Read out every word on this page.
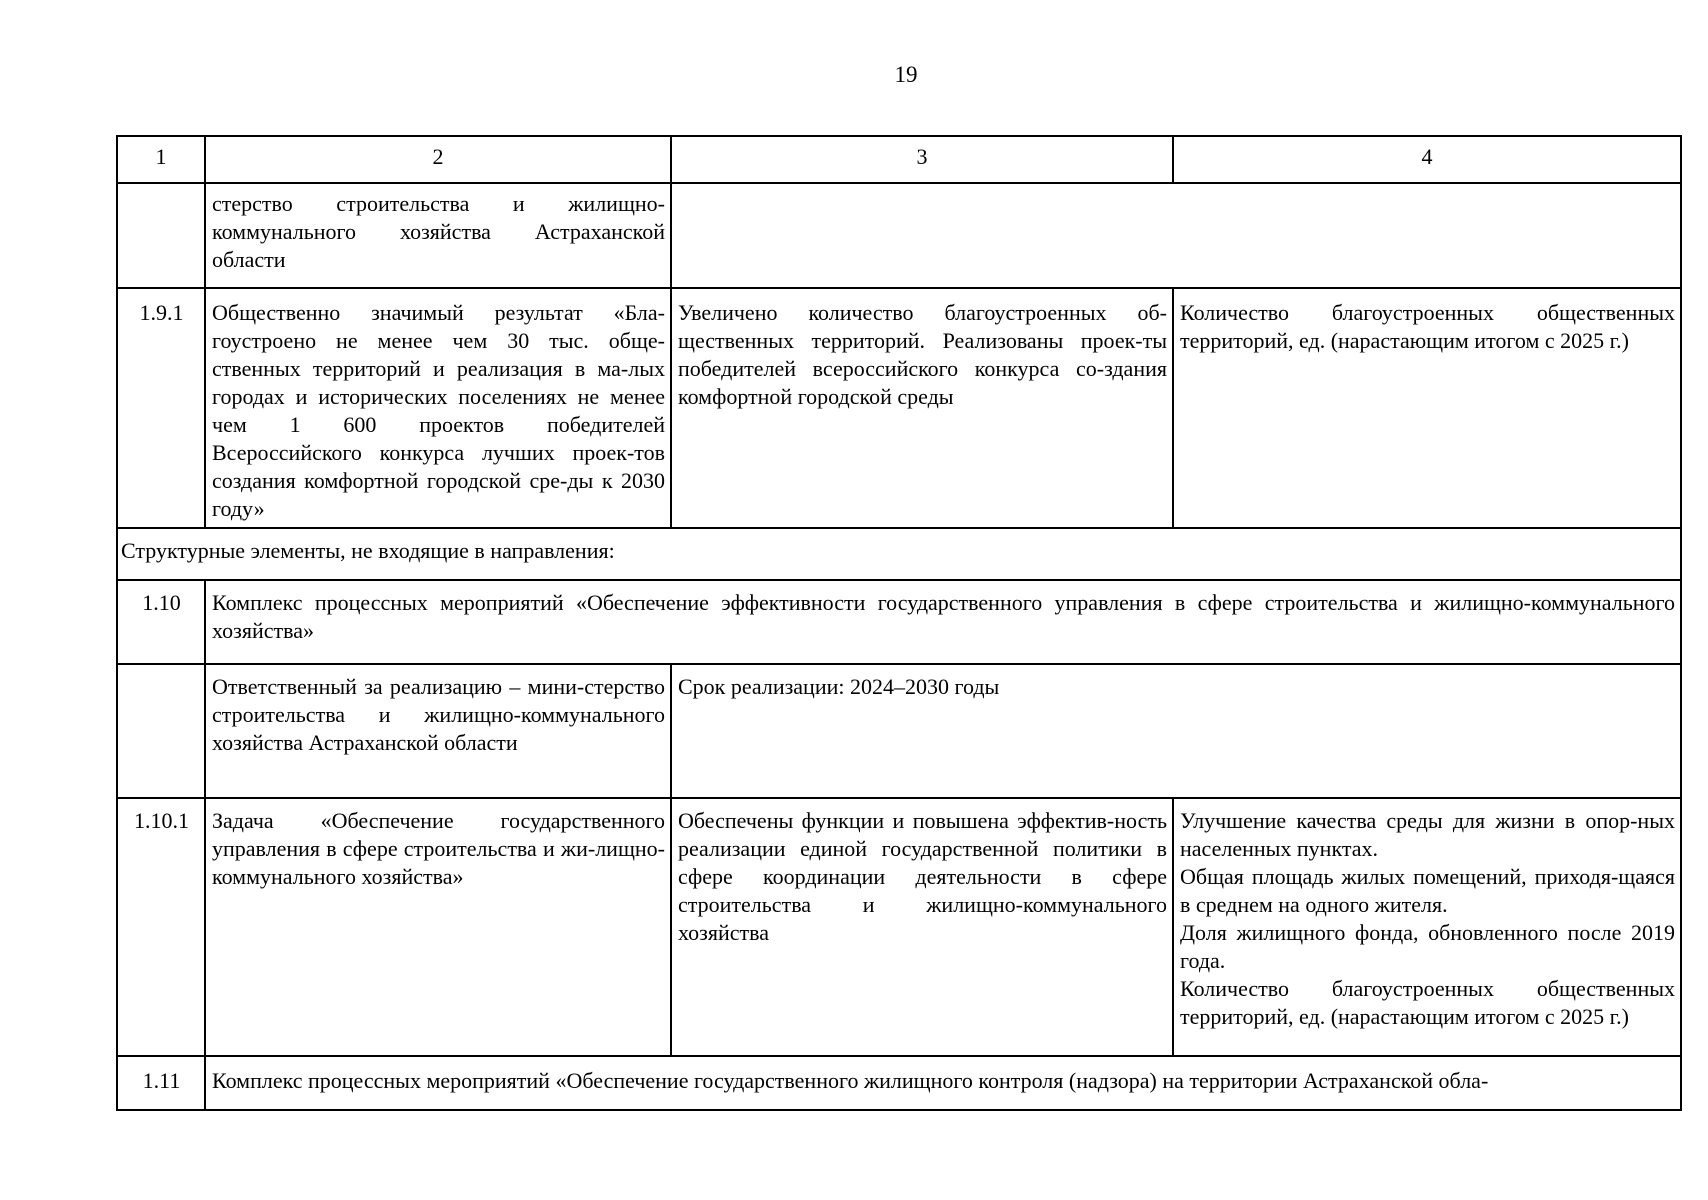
19
1	2	3	4
	стерство строительства и жилищно-коммунального хозяйства Астраханской области		
1.9.1	Общественно значимый результат «Бла-гоустроено не менее чем 30 тыс. обще-ственных территорий и реализация в ма-лых городах и исторических поселениях не менее чем 1 600 проектов победителей Всероссийского конкурса лучших проек-тов создания комфортной городской сре-ды к 2030 году»	Увеличено количество благоустроенных об-щественных территорий. Реализованы проек-ты победителей всероссийского конкурса со-здания комфортной городской среды	Количество благоустроенных общественных территорий, ед. (нарастающим итогом с 2025 г.)
Структурные элементы, не входящие в направления:			
1.10	Комплекс процессных мероприятий «Обеспечение эффективности государственного управления в сфере строительства и жилищно-коммунального хозяйства»		
	Ответственный за реализацию – мини-стерство строительства и жилищно-коммунального хозяйства Астраханской области	Срок реализации: 2024–2030 годы	
1.10.1	Задача «Обеспечение государственного управления в сфере строительства и жи-лищно-коммунального хозяйства»	Обеспечены функции и повышена эффектив-ность реализации единой государственной политики в сфере координации деятельности в сфере строительства и жилищно-коммунального хозяйства	Улучшение качества среды для жизни в опор-ных населенных пунктах.
Общая площадь жилых помещений, приходя-щаяся в среднем на одного жителя.
Доля жилищного фонда, обновленного после 2019 года.
Количество благоустроенных общественных территорий, ед. (нарастающим итогом с 2025 г.)

1.11	Комплекс процессных мероприятий «Обеспечение государственного жилищного контроля (надзора) на территории Астраханской обла-		
